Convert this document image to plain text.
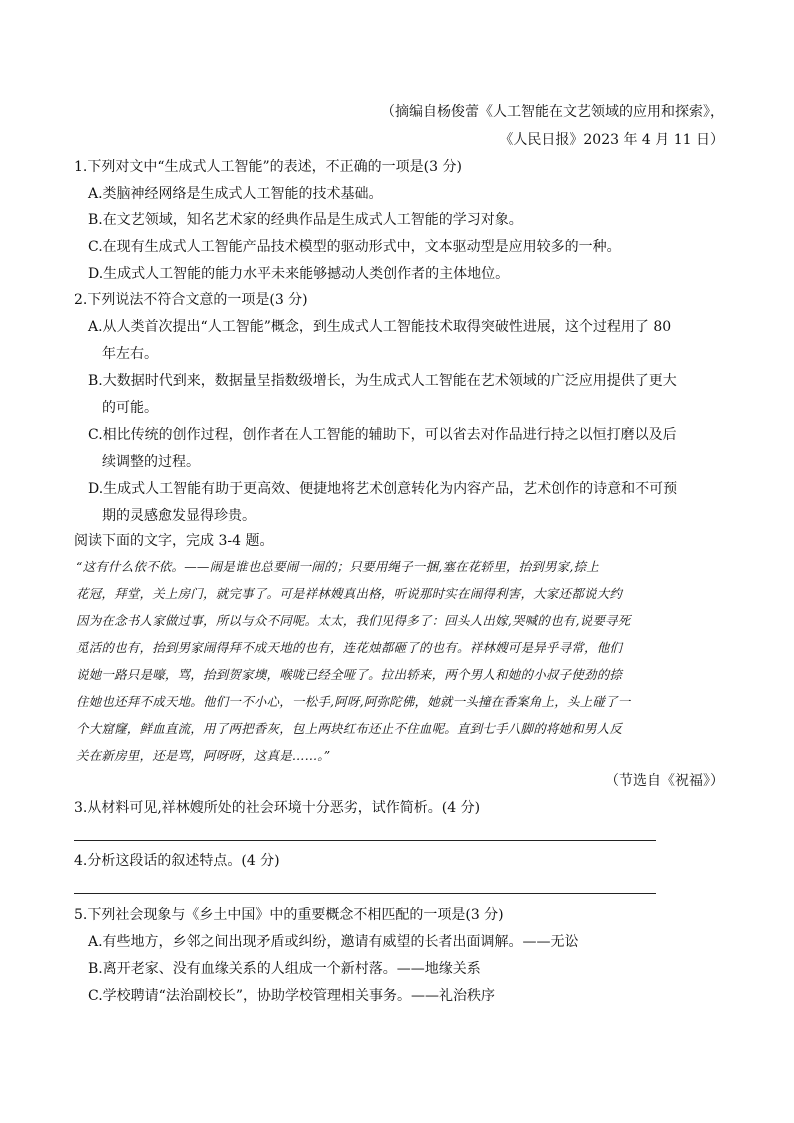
（摘编自杨俊蕾《人工智能在文艺领域的应用和探索》，
《人民日报》2023 年 4 月 11 日）
1.下列对文中“生成式人工智能”的表述，不正确的一项是(3 分)
A.类脑神经网络是生成式人工智能的技术基础。
B.在文艺领域，知名艺术家的经典作品是生成式人工智能的学习对象。
C.在现有生成式人工智能产品技术模型的驱动形式中，文本驱动型是应用较多的一种。
D.生成式人工智能的能力水平未来能够撼动人类创作者的主体地位。
2.下列说法不符合文意的一项是(3 分)
A.从人类首次提出“人工智能”概念，到生成式人工智能技术取得突破性进展，这个过程用了 80
年左右。
B.大数据时代到来，数据量呈指数级增长，为生成式人工智能在艺术领域的广泛应用提供了更大
的可能。
C.相比传统的创作过程，创作者在人工智能的辅助下，可以省去对作品进行持之以恒打磨以及后
续调整的过程。
D.生成式人工智能有助于更高效、便捷地将艺术创意转化为内容产品，艺术创作的诗意和不可预
期的灵感愈发显得珍贵。
阅读下面的文字，完成 3-4 题。
“这有什么依不依。——闹是谁也总要闹一闹的；只要用绳子一捆,塞在花轿里，抬到男家,捺上
花冠，拜堂，关上房门，就完事了。可是祥林嫂真出格，听说那时实在闹得利害，大家还都说大约
因为在念书人家做过事，所以与众不同呢。太太，我们见得多了：回头人出嫁,哭喊的也有,说要寻死
觅活的也有，抬到男家闹得拜不成天地的也有，连花烛都砸了的也有。祥林嫂可是异乎寻常，他们
说她一路只是嚎，骂，抬到贺家墺，喉咙已经全哑了。拉出轿来，两个男人和她的小叔子使劲的捺
住她也还拜不成天地。他们一不小心，一松手,阿呀,阿弥陀佛，她就一头撞在香案角上，头上碰了一
个大窟窿，鲜血直流，用了两把香灰，包上两块红布还止不住血呢。直到七手八脚的将她和男人反
关在新房里，还是骂，阿呀呀，这真是……。”
（节选自《祝福》）
3.从材料可见,祥林嫂所处的社会环境十分恶劣，试作简析。(4 分)
4.分析这段话的叙述特点。(4 分)
5.下列社会现象与《乡土中国》中的重要概念不相匹配的一项是(3 分)
A.有些地方，乡邻之间出现矛盾或纠纷，邀请有威望的长者出面调解。——无讼
B.离开老家、没有血缘关系的人组成一个新村落。——地缘关系
C.学校聘请“法治副校长”，协助学校管理相关事务。——礼治秩序
